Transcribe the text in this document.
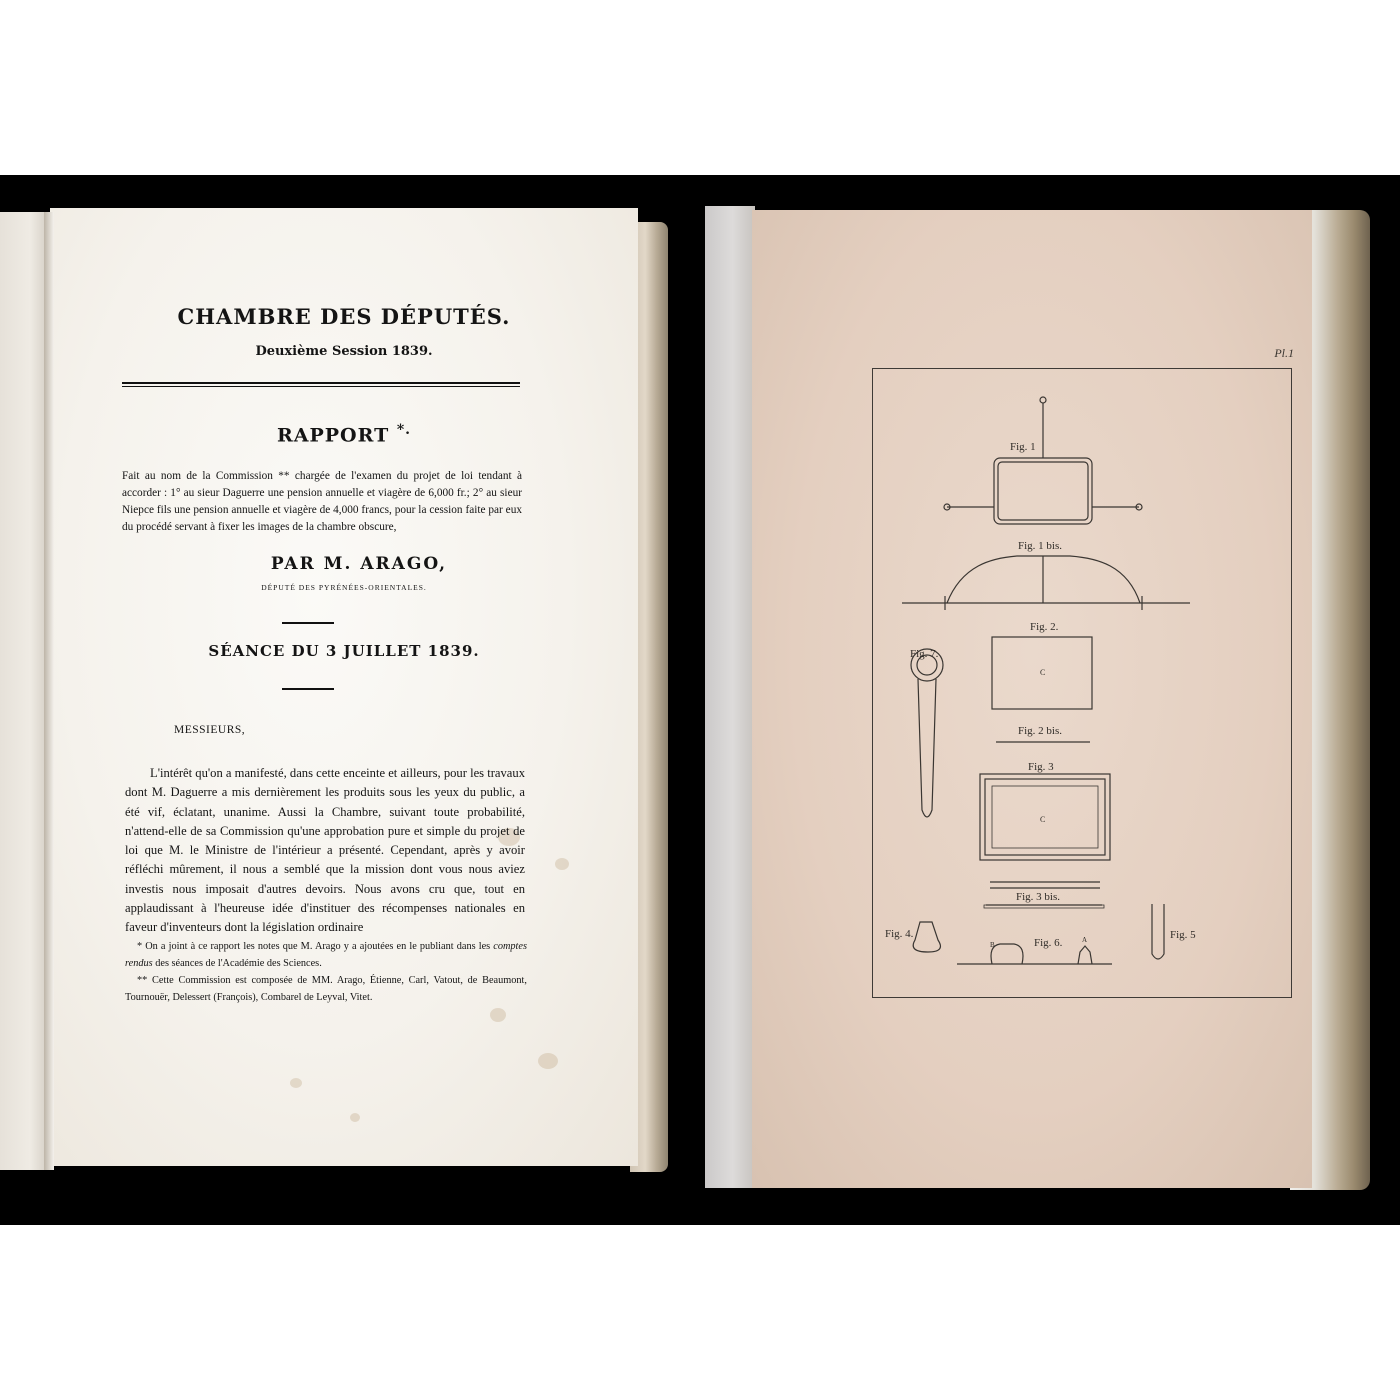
CHAMBRE DES DÉPUTÉS.
Deuxième Session 1839.
RAPPORT *.
Fait au nom de la Commission ** chargée de l'examen du projet de loi tendant à accorder : 1° au sieur Daguerre une pension annuelle et viagère de 6,000 fr.; 2° au sieur Niepce fils une pension annuelle et viagère de 4,000 francs, pour la cession faite par eux du procédé servant à fixer les images de la chambre obscure,
PAR M. ARAGO,
DÉPUTÉ DES PYRÉNÉES-ORIENTALES.
SÉANCE DU 3 JUILLET 1839.
MESSIEURS,
L'intérêt qu'on a manifesté, dans cette enceinte et ailleurs, pour les travaux dont M. Daguerre a mis dernièrement les produits sous les yeux du public, a été vif, éclatant, unanime. Aussi la Chambre, suivant toute probabilité, n'attend-elle de sa Commission qu'une approbation pure et simple du projet de loi que M. le Ministre de l'intérieur a présenté. Cependant, après y avoir réfléchi mûrement, il nous a semblé que la mission dont vous nous aviez investis nous imposait d'autres devoirs. Nous avons cru que, tout en applaudissant à l'heureuse idée d'instituer des récompenses nationales en faveur d'inventeurs dont la législation ordinaire

* On a joint à ce rapport les notes que M. Arago y a ajoutées en le publiant dans les comptes rendus des séances de l'Académie des Sciences.

** Cette Commission est composée de MM. Arago, Étienne, Carl, Vatout, de Beaumont, Tournouër, Delessert (François), Combarel de Leyval, Vitet.

Pl.1
Fig. 1
Fig. 1 bis.
Fig. 2.
C
Fig. 2 bis.
Fig. 3
C
Fig. 3 bis.
Fig. 7.
Fig. 4.
Fig. 6.
B
A	Fig. 5
